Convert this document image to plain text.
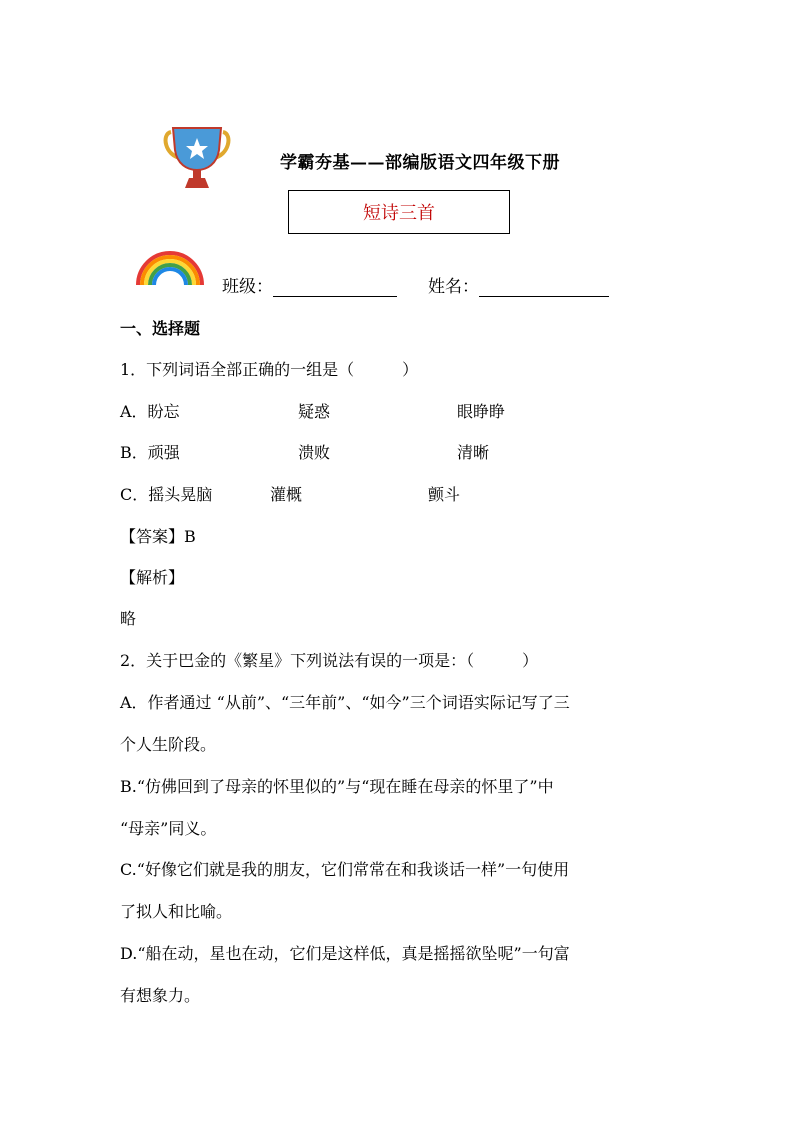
学霸夯基——部编版语文四年级下册
短诗三首
班级：	姓名：
一、选择题
1．下列词语全部正确的一组是（　　　）
A．盼忘	疑惑	眼睁睁
B．顽强	溃败	清晰
C．摇头晃脑	灌概	颤斗
【答案】B
【解析】
略
2．关于巴金的《繁星》下列说法有误的一项是：（　　　）
A．作者通过 “从前”、“三年前”、“如今”三个词语实际记写了三
个人生阶段。
B.“仿佛回到了母亲的怀里似的”与“现在睡在母亲的怀里了”中
“母亲”同义。
C.“好像它们就是我的朋友，它们常常在和我谈话一样”一句使用
了拟人和比喻。
D.“船在动，星也在动，它们是这样低，真是摇摇欲坠呢”一句富
有想象力。
